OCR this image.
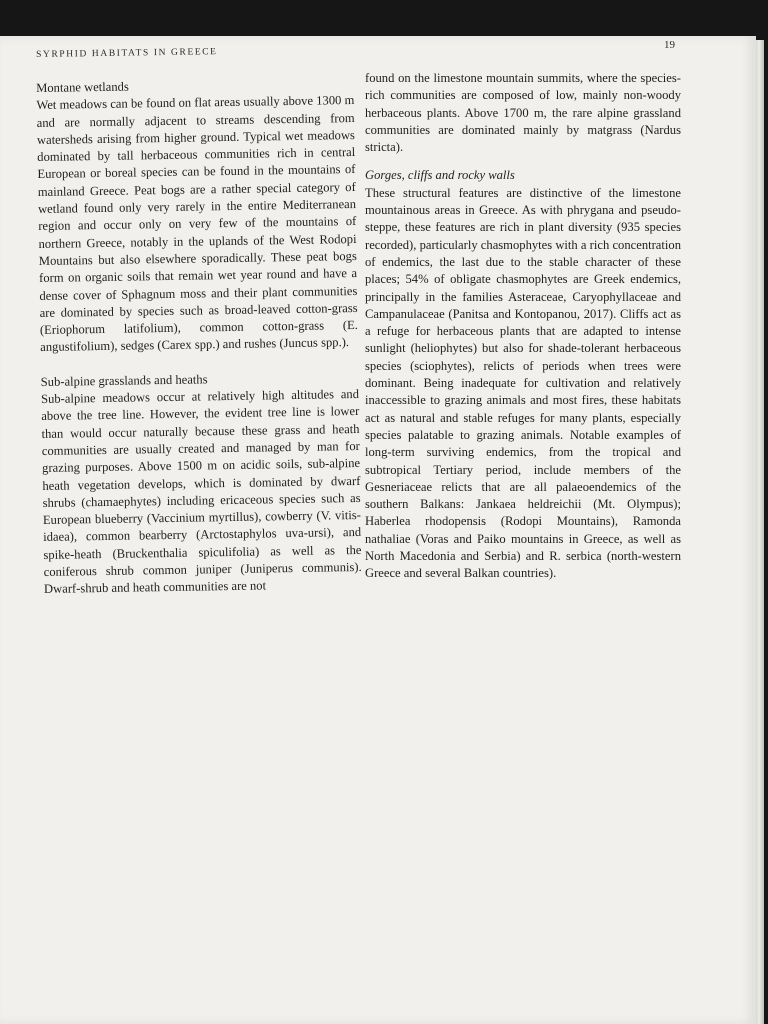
SYRPHID HABITATS IN GREECE
19
Montane wetlands

Wet meadows can be found on flat areas usually above 1300 m and are normally adjacent to streams descending from watersheds arising from higher ground. Typical wet meadows dominated by tall herbaceous communities rich in central European or boreal species can be found in the mountains of mainland Greece. Peat bogs are a rather special category of wetland found only very rarely in the entire Mediterranean region and occur only on very few of the mountains of northern Greece, notably in the uplands of the West Rodopi Mountains but also elsewhere sporadically. These peat bogs form on organic soils that remain wet year round and have a dense cover of Sphagnum moss and their plant communities are dominated by species such as broad-leaved cotton-grass (Eriophorum latifolium), common cotton-grass (E. angustifolium), sedges (Carex spp.) and rushes (Juncus spp.).

Sub-alpine grasslands and heaths

Sub-alpine meadows occur at relatively high altitudes and above the tree line. However, the evident tree line is lower than would occur naturally because these grass and heath communities are usually created and managed by man for grazing purposes. Above 1500 m on acidic soils, sub-alpine heath vegetation develops, which is dominated by dwarf shrubs (chamaephytes) including ericaceous species such as European blueberry (Vaccinium myrtillus), cowberry (V. vitis-idaea), common bearberry (Arctostaphylos uva-ursi), and spike-heath (Bruckenthalia spiculifolia) as well as the coniferous shrub common juniper (Juniperus communis). Dwarf-shrub and heath communities are not

found on the limestone mountain summits, where the species-rich communities are composed of low, mainly non-woody herbaceous plants. Above 1700 m, the rare alpine grassland communities are dominated mainly by matgrass (Nardus stricta).

Gorges, cliffs and rocky walls

These structural features are distinctive of the limestone mountainous areas in Greece. As with phrygana and pseudo-steppe, these features are rich in plant diversity (935 species recorded), particularly chasmophytes with a rich concentration of endemics, the last due to the stable character of these places; 54% of obligate chasmophytes are Greek endemics, principally in the families Asteraceae, Caryophyllaceae and Campanulaceae (Panitsa and Kontopanou, 2017). Cliffs act as a refuge for herbaceous plants that are adapted to intense sunlight (heliophytes) but also for shade-tolerant herbaceous species (sciophytes), relicts of periods when trees were dominant. Being inadequate for cultivation and relatively inaccessible to grazing animals and most fires, these habitats act as natural and stable refuges for many plants, especially species palatable to grazing animals. Notable examples of long-term surviving endemics, from the tropical and subtropical Tertiary period, include members of the Gesneriaceae relicts that are all palaeoendemics of the southern Balkans: Jankaea heldreichii (Mt. Olympus); Haberlea rhodopensis (Rodopi Mountains), Ramonda nathaliae (Voras and Paiko mountains in Greece, as well as North Macedonia and Serbia) and R. serbica (north-western Greece and several Balkan countries).
